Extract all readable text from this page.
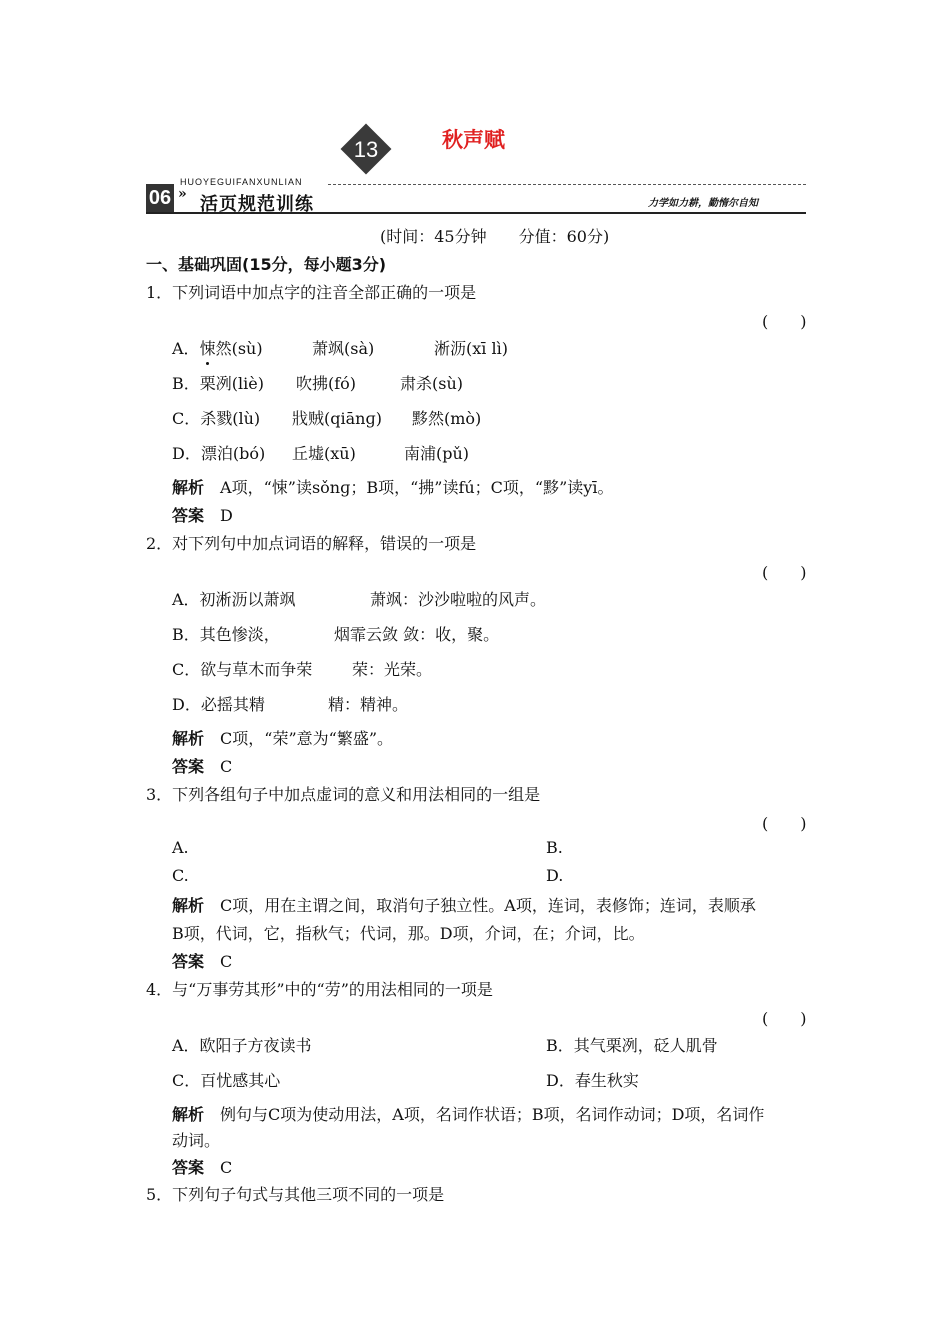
13	秋声赋
06 »
HUOYEGUIFANXUNLIAN
活页规范训练	力学如力耕，勤惰尔自知
(时间：45分钟　　分值：60分)
一、基础巩固(15分，每小题3分)
1．下列词语中加点字的注音全部正确的一项是
(　　)
A．悚然(sù)	萧飒(sà)	淅沥(xī lì)
B．栗冽(liè) 吹拂(fó)	肃杀(sù)
C．杀戮(lù) 戕贼(qiānɡ) 黟然(mò)
D．漂泊(bó) 丘墟(xū)	南浦(pǔ)
解析　 A项，“悚”读sǒnɡ；B项，“拂”读fú；C项，“黟”读yī。
答案　 D
2．对下列句中加点词语的解释，错误的一项是
(　　)
A．初淅沥以萧飒	萧飒：沙沙啦啦的风声。
B．其色惨淡，	烟霏云敛 敛：收，聚。
C．欲与草木而争荣 荣：光荣。
D．必摇其精	精：精神。
解析　 C项，“荣”意为“繁盛”。
答案　 C
3．下列各组句子中加点虚词的意义和用法相同的一组是
(　　)
A.	B.
C.	D.
解析　 C项，用在主谓之间，取消句子独立性。A项，连词，表修饰；连词，表顺承
B项，代词，它，指秋气；代词，那。D项，介词，在；介词，比。
答案　 C
4．与“万事劳其形”中的“劳”的用法相同的一项是
(　　)
A．欧阳子方夜读书	B．其气栗冽，砭人肌骨
C．百忧感其心	D．春生秋实
解析　 例句与C项为使动用法，A项，名词作状语；B项，名词作动词；D项，名词作
动词。
答案　 C
5．下列句子句式与其他三项不同的一项是
